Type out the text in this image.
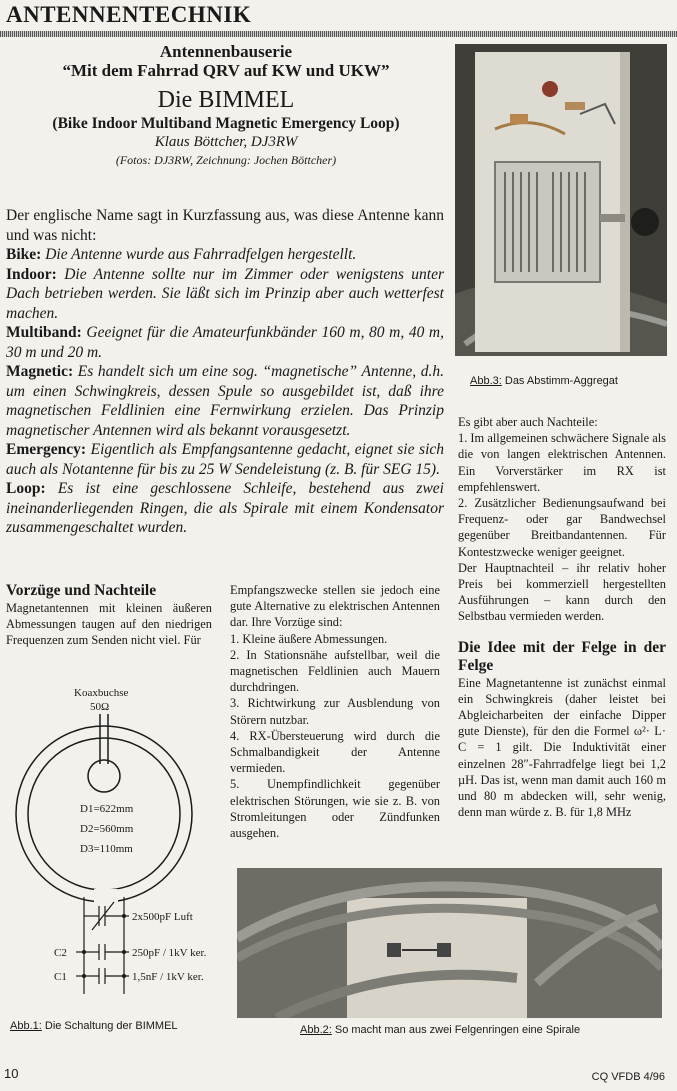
ANTENNENTECHNIK
Antennenbauserie
“Mit dem Fahrrad QRV auf KW und UKW”
Die BIMMEL
(Bike Indoor Multiband Magnetic Emergency Loop)
Klaus Böttcher, DJ3RW
(Fotos: DJ3RW, Zeichnung: Jochen Böttcher)

Der englische Name sagt in Kurzfassung aus, was diese Antenne kann und was nicht:

Bike: Die Antenne wurde aus Fahrradfelgen hergestellt.

Indoor: Die Antenne sollte nur im Zimmer oder wenigstens unter Dach betrieben werden. Sie läßt sich im Prinzip aber auch wetterfest machen.

Multiband: Geeignet für die Amateurfunkbänder 160 m, 80 m, 40 m, 30 m und 20 m.

Magnetic: Es handelt sich um eine sog. “magnetische” Antenne, d.h. um einen Schwingkreis, dessen Spule so ausgebildet ist, daß ihre magnetischen Feldlinien eine Fernwirkung erzielen. Das Prinzip magnetischer Antennen wird als bekannt vorausgesetzt.

Emergency: Eigentlich als Empfangsantenne gedacht, eignet sie sich auch als Notantenne für bis zu 25 W Sendeleistung (z. B. für SEG 15).

Loop: Es ist eine geschlossene Schleife, bestehend aus zwei ineinanderliegenden Ringen, die als Spirale mit einem Kondensator zusammengeschaltet wurden.

Abb.3: Das Abstimm-Aggregat
Vorzüge und Nachteile

Magnetantennen mit kleinen äußeren Abmessungen taugen auf den niedrigen Frequenzen zum Senden nicht viel. Für

Empfangszwecke stellen sie jedoch eine gute Alternative zu elektrischen Antennen dar. Ihre Vorzüge sind:

1. Kleine äußere Abmessungen.

2. In Stationsnähe aufstellbar, weil die magnetischen Feldlinien auch Mauern durchdringen.

3. Richtwirkung zur Ausblendung von Störern nutzbar.

4. RX-Übersteuerung wird durch die Schmalbandigkeit der Antenne vermieden.

5. Unempfindlichkeit gegenüber elektrischen Störungen, wie sie z. B. von Stromleitungen oder Zündfunken ausgehen.

Es gibt aber auch Nachteile:

1. Im allgemeinen schwächere Signale als die von langen elektrischen Antennen. Ein Vorverstärker im RX ist empfehlenswert.

2. Zusätzlicher Bedienungsaufwand bei Frequenz- oder gar Bandwechsel gegenüber Breitbandantennen. Für Kontestzwecke weniger geeignet.

Der Hauptnachteil – ihr relativ hoher Preis bei kommerziell hergestellten Ausführungen – kann durch den Selbstbau vermieden werden.

Die Idee mit der Felge in der Felge

Eine Magnetantenne ist zunächst einmal ein Schwingkreis (daher leistet bei Abgleicharbeiten der einfache Dipper gute Dienste), für den die Formel ω²· L· C = 1 gilt. Die Induktivität einer einzelnen 28″-Fahrradfelge liegt bei 1,2 µH. Das ist, wenn man damit auch 160 m und 80 m abdecken will, sehr wenig, denn man würde z. B. für 1,8 MHz

Koaxbuchse
50Ω
D1=622mm
D2=560mm
D3=110mm
2x500pF Luft
C2	250pF / 1kV ker.
C1	1,5nF / 1kV ker.
Abb.1: Die Schaltung der BIMMEL	Abb.2: So macht man aus zwei Felgenringen eine Spirale
10	CQ VFDB 4/96
